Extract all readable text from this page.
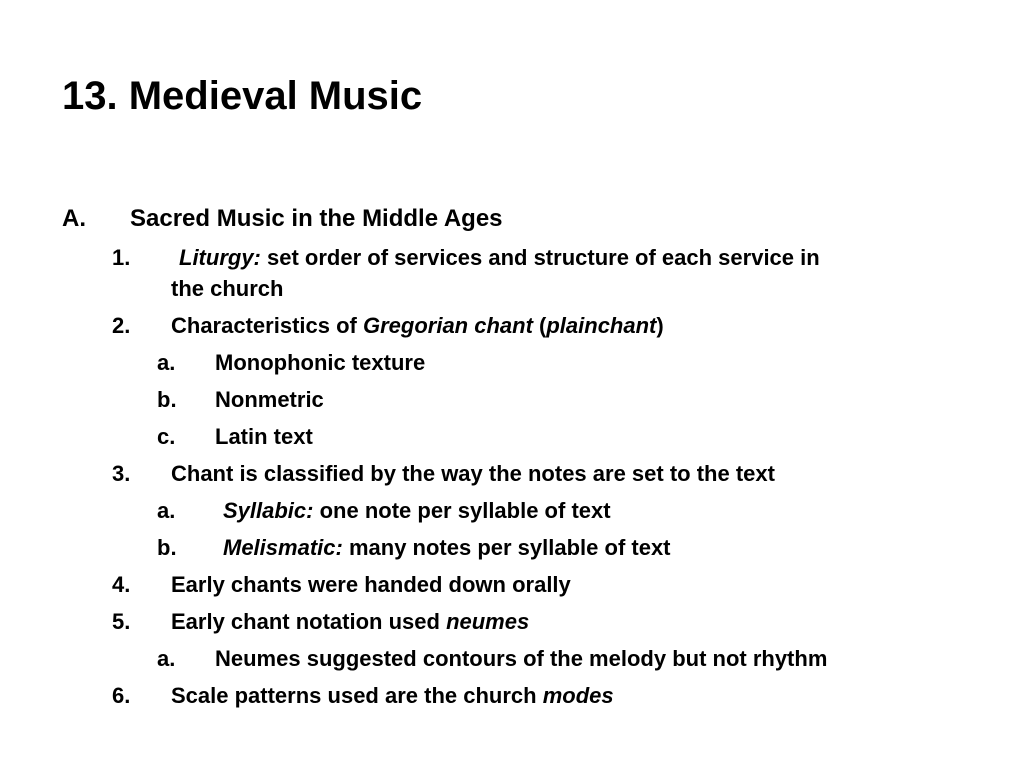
13. Medieval Music
A. Sacred Music in the Middle Ages
1. Liturgy: set order of services and structure of each service in
the church
2. Characteristics of Gregorian chant (plainchant)
a. Monophonic texture
b. Nonmetric
c. Latin text
3. Chant is classified by the way the notes are set to the text
a. Syllabic: one note per syllable of text
b. Melismatic: many notes per syllable of text
4. Early chants were handed down orally
5. Early chant notation used neumes
a. Neumes suggested contours of the melody but not rhythm
6. Scale patterns used are the church modes
